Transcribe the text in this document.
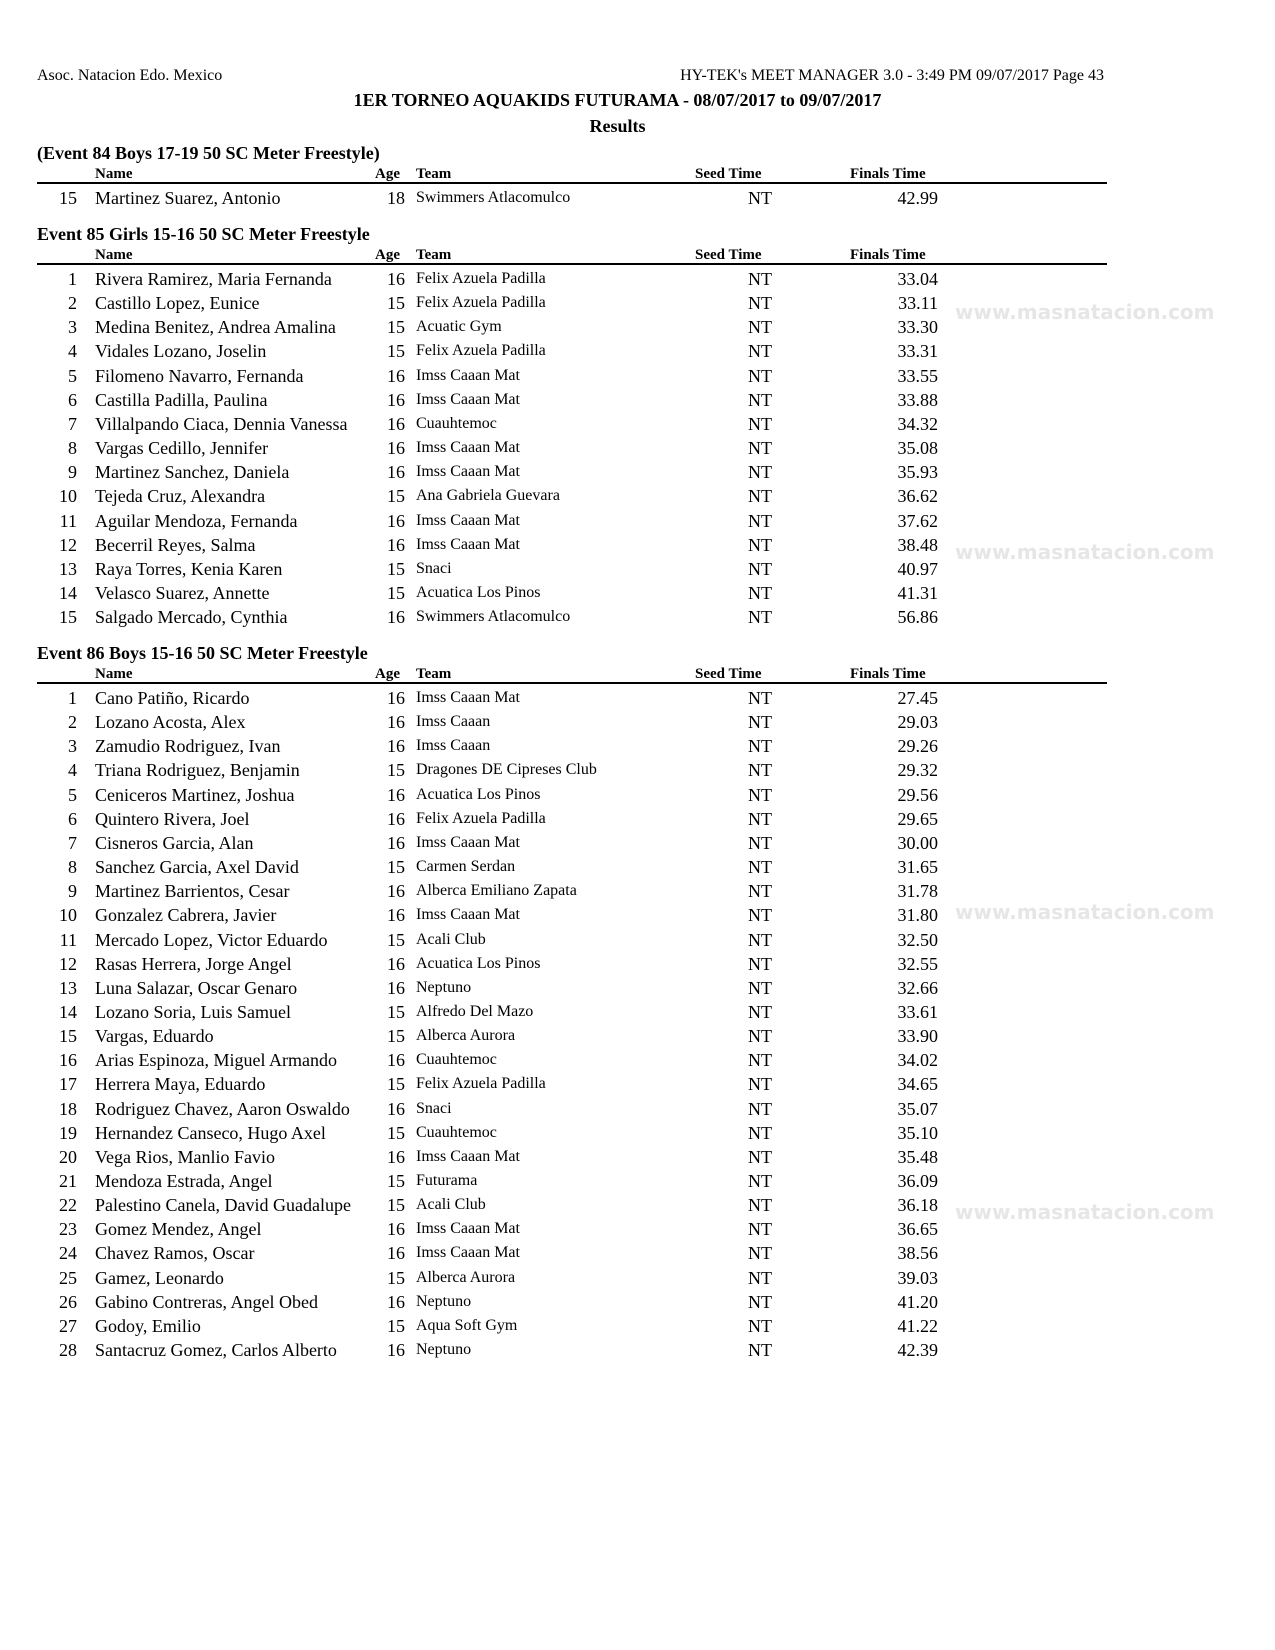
Asoc. Natacion Edo. Mexico	HY-TEK's MEET MANAGER 3.0 - 3:49 PM 09/07/2017 Page 43
1ER TORNEO AQUAKIDS FUTURAMA - 08/07/2017 to 09/07/2017
Results
www.masnatacion.com
www.masnatacion.com
www.masnatacion.com
www.masnatacion.com
(Event 84 Boys 17-19 50 SC Meter Freestyle)
Name	Age Team	Seed Time	Finals Time
15 Martinez Suarez, Antonio	18 Swimmers Atlacomulco	NT	42.99
Event 85 Girls 15-16 50 SC Meter Freestyle
Name	Age Team	Seed Time	Finals Time
1 Rivera Ramirez, Maria Fernanda	16 Felix Azuela Padilla	NT	33.04
2 Castillo Lopez, Eunice	15 Felix Azuela Padilla	NT	33.11
3 Medina Benitez, Andrea Amalina	15 Acuatic Gym	NT	33.30
4 Vidales Lozano, Joselin	15 Felix Azuela Padilla	NT	33.31
5 Filomeno Navarro, Fernanda	16 Imss Caaan Mat	NT	33.55
6 Castilla Padilla, Paulina	16 Imss Caaan Mat	NT	33.88
7 Villalpando Ciaca, Dennia Vanessa	16 Cuauhtemoc	NT	34.32
8 Vargas Cedillo, Jennifer	16 Imss Caaan Mat	NT	35.08
9 Martinez Sanchez, Daniela	16 Imss Caaan Mat	NT	35.93
10 Tejeda Cruz, Alexandra	15 Ana Gabriela Guevara	NT	36.62
11 Aguilar Mendoza, Fernanda	16 Imss Caaan Mat	NT	37.62
12 Becerril Reyes, Salma	16 Imss Caaan Mat	NT	38.48
13 Raya Torres, Kenia Karen	15 Snaci	NT	40.97
14 Velasco Suarez, Annette	15 Acuatica Los Pinos	NT	41.31
15 Salgado Mercado, Cynthia	16 Swimmers Atlacomulco	NT	56.86
Event 86 Boys 15-16 50 SC Meter Freestyle
Name	Age Team	Seed Time	Finals Time
1 Cano Patiño, Ricardo	16 Imss Caaan Mat	NT	27.45
2 Lozano Acosta, Alex	16 Imss Caaan	NT	29.03
3 Zamudio Rodriguez, Ivan	16 Imss Caaan	NT	29.26
4 Triana Rodriguez, Benjamin	15 Dragones DE Cipreses Club	NT	29.32
5 Ceniceros Martinez, Joshua	16 Acuatica Los Pinos	NT	29.56
6 Quintero Rivera, Joel	16 Felix Azuela Padilla	NT	29.65
7 Cisneros Garcia, Alan	16 Imss Caaan Mat	NT	30.00
8 Sanchez Garcia, Axel David	15 Carmen Serdan	NT	31.65
9 Martinez Barrientos, Cesar	16 Alberca Emiliano Zapata	NT	31.78
10 Gonzalez Cabrera, Javier	16 Imss Caaan Mat	NT	31.80
11 Mercado Lopez, Victor Eduardo	15 Acali Club	NT	32.50
12 Rasas Herrera, Jorge Angel	16 Acuatica Los Pinos	NT	32.55
13 Luna Salazar, Oscar Genaro	16 Neptuno	NT	32.66
14 Lozano Soria, Luis Samuel	15 Alfredo Del Mazo	NT	33.61
15 Vargas, Eduardo	15 Alberca Aurora	NT	33.90
16 Arias Espinoza, Miguel Armando	16 Cuauhtemoc	NT	34.02
17 Herrera Maya, Eduardo	15 Felix Azuela Padilla	NT	34.65
18 Rodriguez Chavez, Aaron Oswaldo	16 Snaci	NT	35.07
19 Hernandez Canseco, Hugo Axel	15 Cuauhtemoc	NT	35.10
20 Vega Rios, Manlio Favio	16 Imss Caaan Mat	NT	35.48
21 Mendoza Estrada, Angel	15 Futurama	NT	36.09
22 Palestino Canela, David Guadalupe	15 Acali Club	NT	36.18
23 Gomez Mendez, Angel	16 Imss Caaan Mat	NT	36.65
24 Chavez Ramos, Oscar	16 Imss Caaan Mat	NT	38.56
25 Gamez, Leonardo	15 Alberca Aurora	NT	39.03
26 Gabino Contreras, Angel Obed	16 Neptuno	NT	41.20
27 Godoy, Emilio	15 Aqua Soft Gym	NT	41.22
28 Santacruz Gomez, Carlos Alberto	16 Neptuno	NT	42.39
